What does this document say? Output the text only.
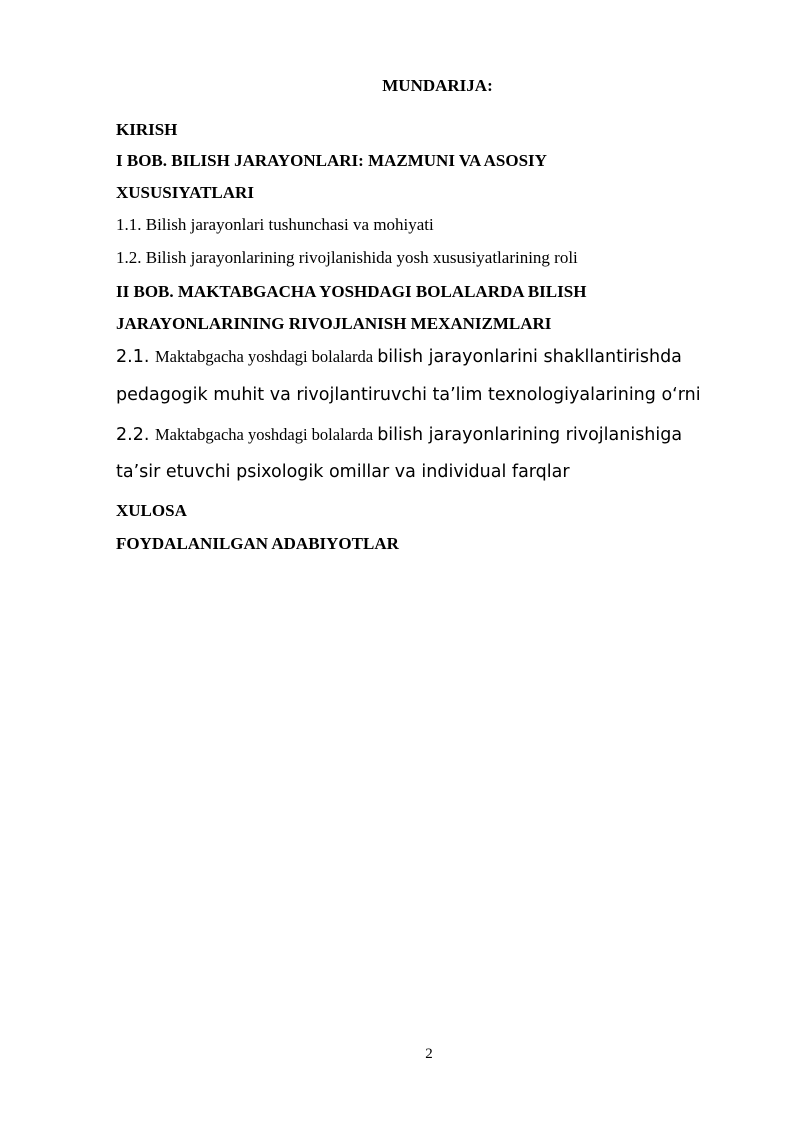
MUNDARIJA:
KIRISH
I BOB. BILISH JARAYONLARI: MAZMUNI VA ASOSIY
XUSUSIYATLARI
1.1. Bilish jarayonlari tushunchasi va mohiyati
1.2. Bilish jarayonlarining rivojlanishida yosh xususiyatlarining roli
II BOB. MAKTABGACHA YOSHDAGI BOLALARDA BILISH
JARAYONLARINING RIVOJLANISH MEXANIZMLARI
2.1. Maktabgacha yoshdagi bolalarda bilish jarayonlarini shakllantirishda
pedagogik muhit va rivojlantiruvchi ta’lim texnologiyalarining o‘rni
2.2. Maktabgacha yoshdagi bolalarda bilish jarayonlarining rivojlanishiga
ta’sir etuvchi psixologik omillar va individual farqlar
XULOSA
FOYDALANILGAN ADABIYOTLAR
2
